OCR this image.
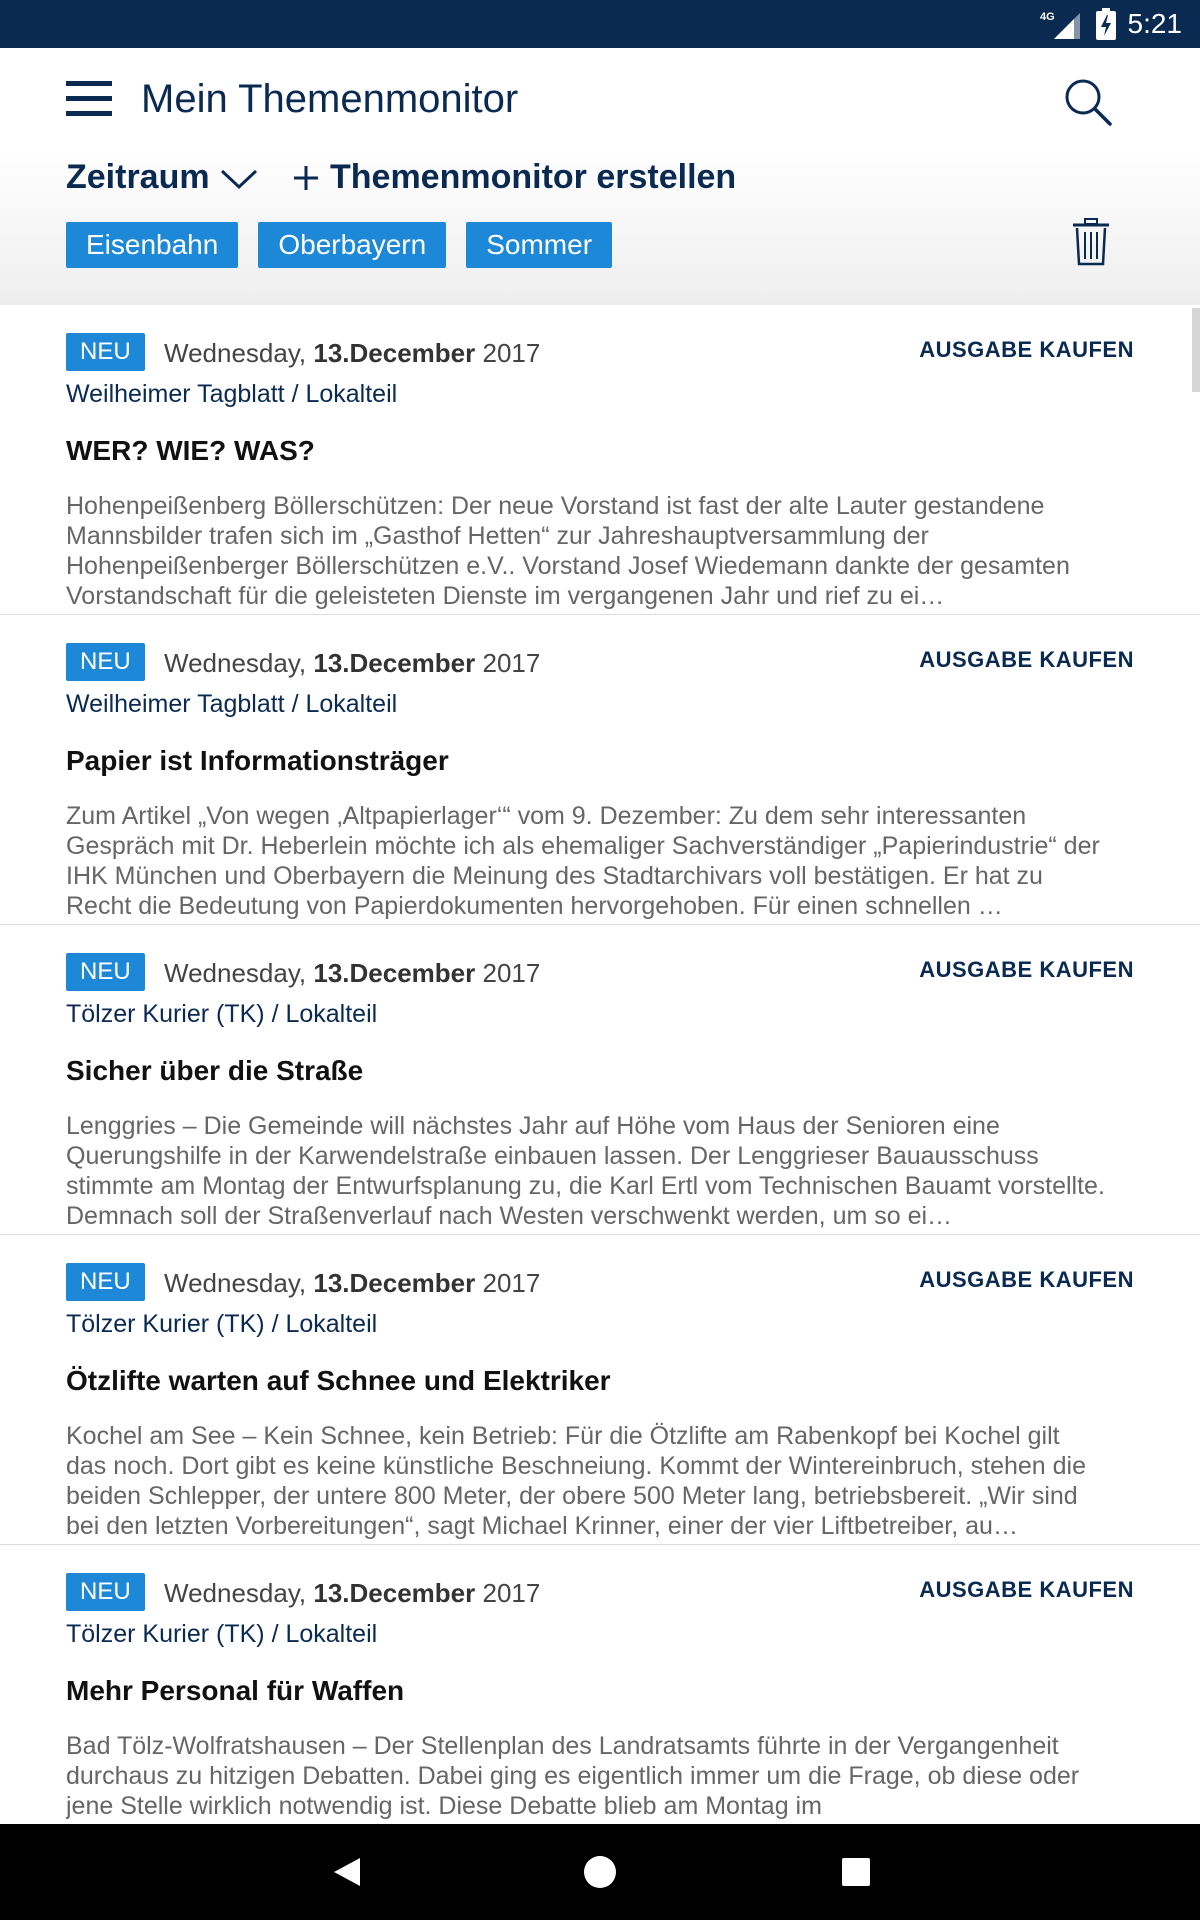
4G	5:21
Mein Themenmonitor
Zeitraum	Themenmonitor erstellen
Eisenbahn	Oberbayern	Sommer
NEU	Wednesday, 13.December 2017	AUSGABE KAUFEN
Weilheimer Tagblatt / Lokalteil
WER? WIE? WAS?
Hohenpeißenberg Böllerschützen: Der neue Vorstand ist fast der alte Lauter gestandene Mannsbilder trafen sich im „Gasthof Hetten“ zur Jahreshauptversammlung der Hohenpeißenberger Böllerschützen e.V.. Vorstand Josef Wiedemann dankte der gesamten Vorstandschaft für die geleisteten Dienste im vergangenen Jahr und rief zu ei…
NEU	Wednesday, 13.December 2017	AUSGABE KAUFEN
Weilheimer Tagblatt / Lokalteil
Papier ist Informationsträger
Zum Artikel „Von wegen ‚Altpapierlager‘“ vom 9. Dezember: Zu dem sehr interessanten Gespräch mit Dr. Heberlein möchte ich als ehemaliger Sachverständiger „Papierindustrie“ der IHK München und Oberbayern die Meinung des Stadtarchivars voll bestätigen. Er hat zu Recht die Bedeutung von Papierdokumenten hervorgehoben. Für einen schnellen …
NEU	Wednesday, 13.December 2017	AUSGABE KAUFEN
Tölzer Kurier (TK) / Lokalteil
Sicher über die Straße
Lenggries – Die Gemeinde will nächstes Jahr auf Höhe vom Haus der Senioren eine Querungshilfe in der Karwendelstraße einbauen lassen. Der Lenggrieser Bauausschuss stimmte am Montag der Entwurfsplanung zu, die Karl Ertl vom Technischen Bauamt vorstellte. Demnach soll der Straßenverlauf nach Westen verschwenkt werden, um so ei…
NEU	Wednesday, 13.December 2017	AUSGABE KAUFEN
Tölzer Kurier (TK) / Lokalteil
Ötzlifte warten auf Schnee und Elektriker
Kochel am See – Kein Schnee, kein Betrieb: Für die Ötzlifte am Rabenkopf bei Kochel gilt das noch. Dort gibt es keine künstliche Beschneiung. Kommt der Wintereinbruch, stehen die beiden Schlepper, der untere 800 Meter, der obere 500 Meter lang, betriebsbereit. „Wir sind bei den letzten Vorbereitungen“, sagt Michael Krinner, einer der vier Liftbetreiber, au…
NEU	Wednesday, 13.December 2017	AUSGABE KAUFEN
Tölzer Kurier (TK) / Lokalteil
Mehr Personal für Waffen
Bad Tölz-Wolfratshausen – Der Stellenplan des Landratsamts führte in der Vergangenheit durchaus zu hitzigen Debatten. Dabei ging es eigentlich immer um die Frage, ob diese oder jene Stelle wirklich notwendig ist. Diese Debatte blieb am Montag im
